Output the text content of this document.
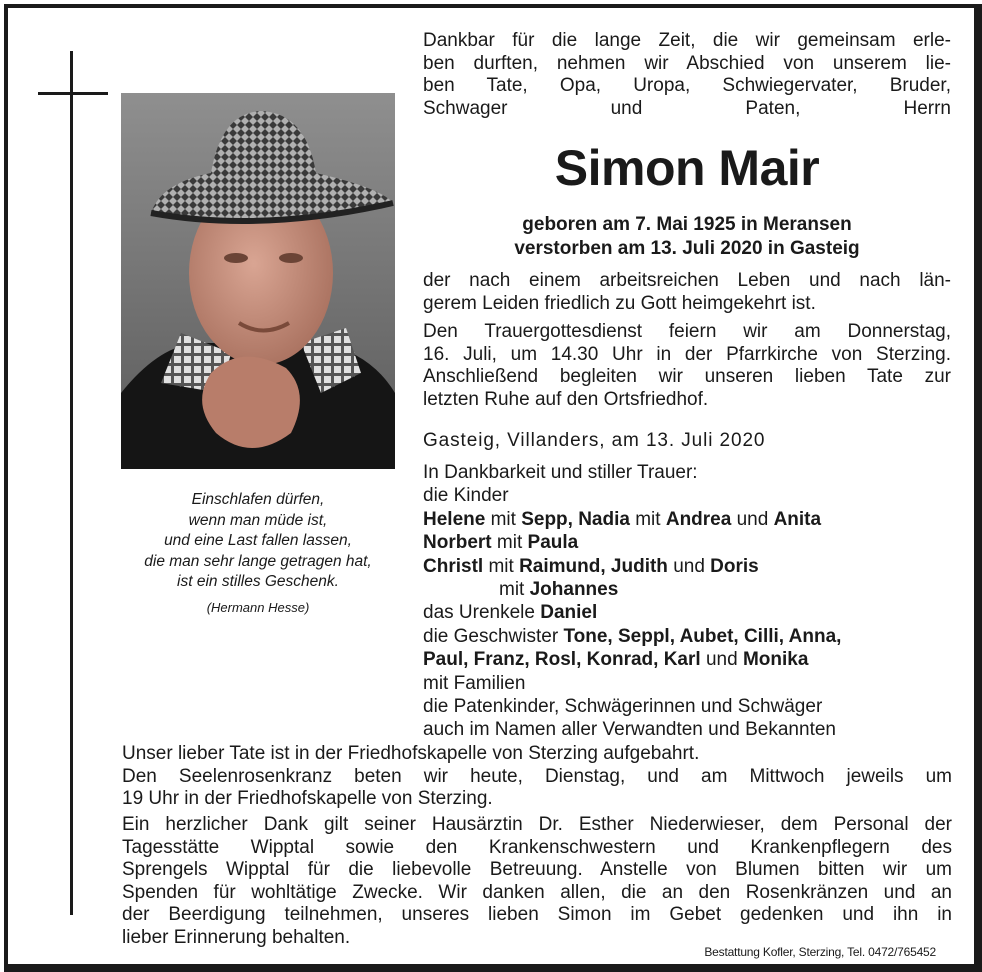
Einschlafen dürfen,
wenn man müde ist,
und eine Last fallen lassen,
die man sehr lange getragen hat,
ist ein stilles Geschenk.
(Hermann Hesse)
Dankbar für die lange Zeit, die wir gemeinsam erle-
ben durften, nehmen wir Abschied von unserem lie-
ben Tate, Opa, Uropa, Schwiegervater, Bruder,
Schwager und Paten, Herrn
Simon Mair
geboren am 7. Mai 1925 in Meransen
verstorben am 13. Juli 2020 in Gasteig
der nach einem arbeitsreichen Leben und nach län-
gerem Leiden friedlich zu Gott heimgekehrt ist.
Den Trauergottesdienst feiern wir am Donnerstag,
16. Juli, um 14.30 Uhr in der Pfarrkirche von Sterzing.
Anschließend begleiten wir unseren lieben Tate zur
letzten Ruhe auf den Ortsfriedhof.
Gasteig, Villanders, am 13. Juli 2020
In Dankbarkeit und stiller Trauer:
die Kinder
Helene mit Sepp, Nadia mit Andrea und Anita
Norbert mit Paula
Christl mit Raimund, Judith und Doris
mit Johannes
das Urenkele Daniel
die Geschwister Tone, Seppl, Aubet, Cilli, Anna,
Paul, Franz, Rosl, Konrad, Karl und Monika
mit Familien
die Patenkinder, Schwägerinnen und Schwäger
auch im Namen aller Verwandten und Bekannten
Unser lieber Tate ist in der Friedhofskapelle von Sterzing aufgebahrt.
Den Seelenrosenkranz beten wir heute, Dienstag, und am Mittwoch jeweils um
19 Uhr in der Friedhofskapelle von Sterzing.
Ein herzlicher Dank gilt seiner Hausärztin Dr. Esther Niederwieser, dem Personal der
Tagesstätte Wipptal sowie den Krankenschwestern und Krankenpflegern des
Sprengels Wipptal für die liebevolle Betreuung. Anstelle von Blumen bitten wir um
Spenden für wohltätige Zwecke. Wir danken allen, die an den Rosenkränzen und an
der Beerdigung teilnehmen, unseres lieben Simon im Gebet gedenken und ihn in
lieber Erinnerung behalten.
Bestattung Kofler, Sterzing, Tel. 0472/765452
